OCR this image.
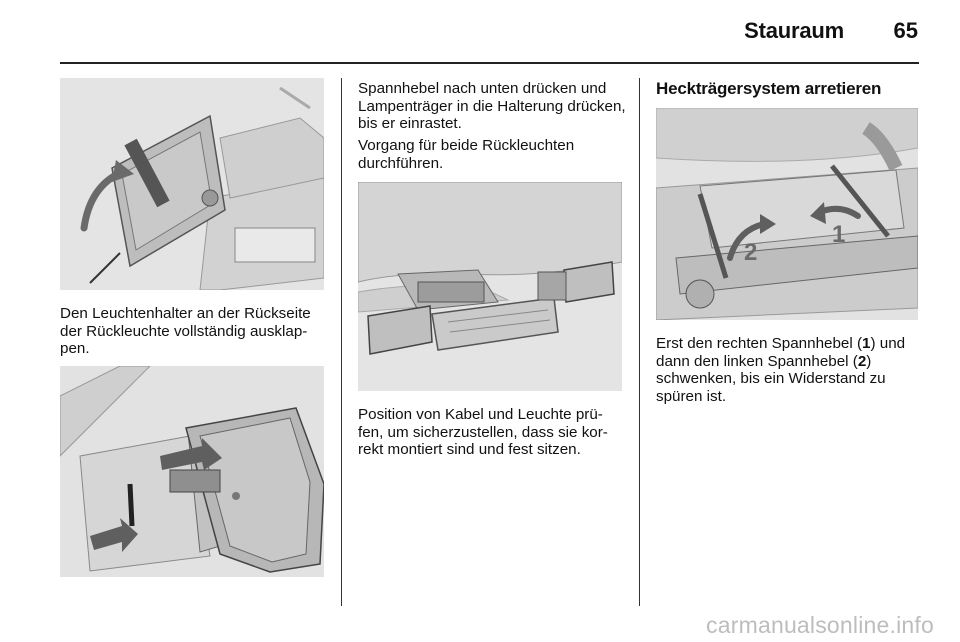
Stauraum 65

Den Leuchtenhalter an der Rückseite der Rückleuchte vollständig ausklap-pen.

Spannhebel nach unten drücken und Lampenträger in die Halterung drücken, bis er einrastet.

Vorgang für beide Rückleuchten durchführen.

Position von Kabel und Leuchte prü-fen, um sicherzustellen, dass sie kor-rekt montiert sind und fest sitzen.

Heckträgersystem arretieren
2
1

Erst den rechten Spannhebel (1) und dann den linken Spannhebel (2) schwenken, bis ein Widerstand zu spüren ist.

carmanualsonline.info
